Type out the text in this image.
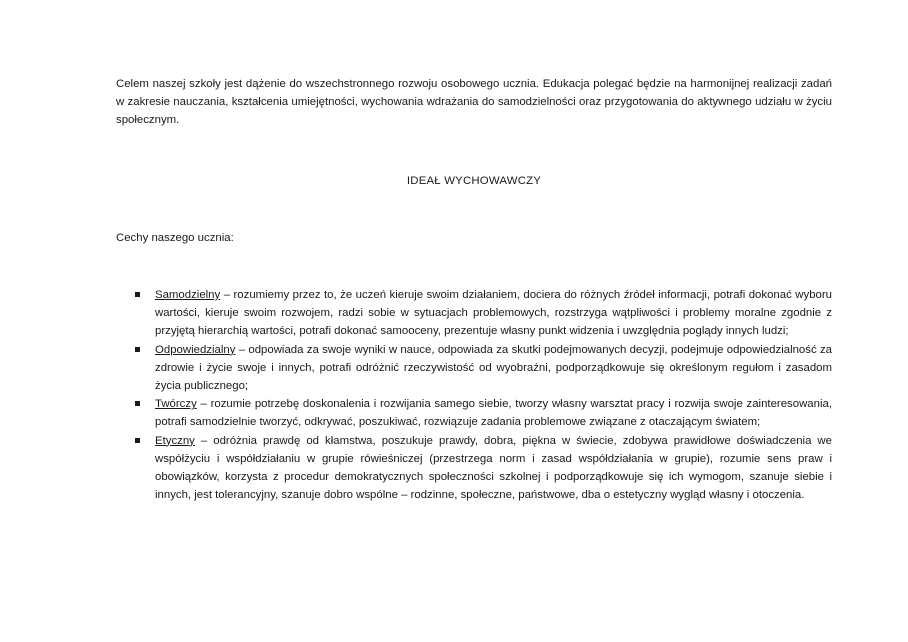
Celem naszej szkoły jest dążenie do wszechstronnego rozwoju osobowego ucznia. Edukacja polegać będzie na harmonijnej realizacji zadań w zakresie nauczania, kształcenia umiejętności, wychowania wdrażania do samodzielności oraz przygotowania do aktywnego udziału w życiu społecznym.

IDEAŁ WYCHOWAWCZY

Cechy naszego ucznia:

Samodzielny – rozumiemy przez to, że uczeń kieruje swoim działaniem, dociera do różnych źródeł informacji, potrafi dokonać wyboru wartości, kieruje swoim rozwojem, radzi sobie w sytuacjach problemowych, rozstrzyga wątpliwości i problemy moralne zgodnie z przyjętą hierarchią wartości, potrafi dokonać samooceny, prezentuje własny punkt widzenia i uwzględnia poglądy innych ludzi;
Odpowiedzialny – odpowiada za swoje wyniki w nauce, odpowiada za skutki podejmowanych decyzji, podejmuje odpowiedzialność za zdrowie i życie swoje i innych, potrafi odróżnić rzeczywistość od wyobraźni, podporządkowuje się określonym regułom i zasadom życia publicznego;
Twórczy – rozumie potrzebę doskonalenia i rozwijania samego siebie, tworzy własny warsztat pracy i rozwija swoje zainteresowania, potrafi samodzielnie tworzyć, odkrywać, poszukiwać, rozwiązuje zadania problemowe związane z otaczającym światem;
Etyczny – odróżnia prawdę od kłamstwa, poszukuje prawdy, dobra, piękna w świecie, zdobywa prawidłowe doświadczenia we współżyciu i współdziałaniu w grupie rówieśniczej (przestrzega norm i zasad współdziałania w grupie), rozumie sens praw i obowiązków, korzysta z procedur demokratycznych społeczności szkolnej i podporządkowuje się ich wymogom, szanuje siebie i innych, jest tolerancyjny, szanuje dobro wspólne – rodzinne, społeczne, państwowe, dba o estetyczny wygląd własny i otoczenia.
